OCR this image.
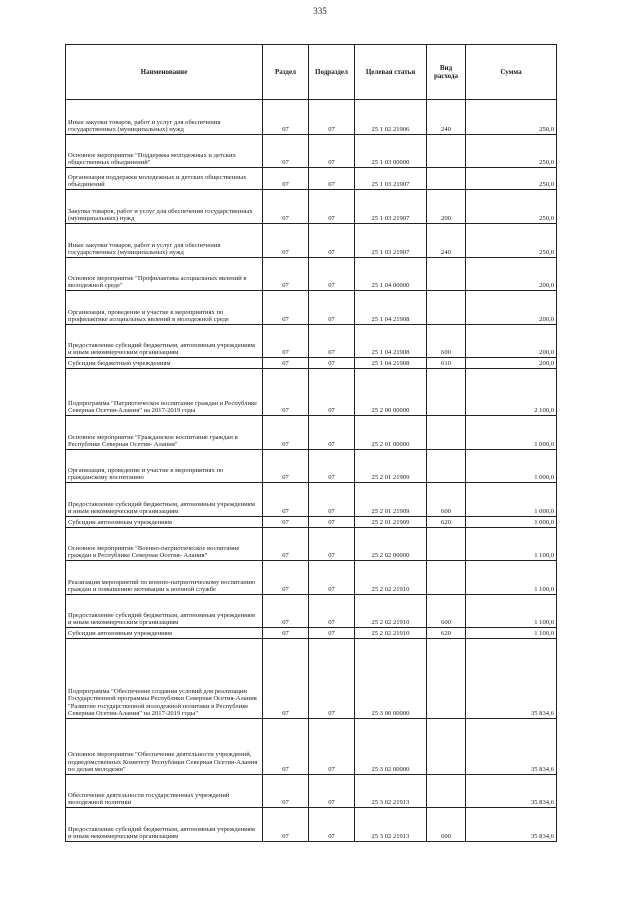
335
Наименование	Раздел	Подраздел	Целевая статья	Вид расхода	Сумма
Иные закупки товаров, работ и услуг для обеспечения государственных (муниципальных) нужд	07	07	25 1 02 21906	240	250,0
Основное мероприятие "Поддержка молодежных и детских общественных объединений"	07	07	25 1 03 00000		250,0
Организация поддержки молодежных и детских общественных объединений	07	07	25 1 03 21907		250,0
Закупка товаров, работ и услуг для обеспечения государственных (муниципальных) нужд	07	07	25 1 03 21907	200	250,0
Иные закупки товаров, работ и услуг для обеспечения государственных (муниципальных) нужд	07	07	25 1 03 21907	240	250,0
Основное мероприятие "Профилактика асоциальных явлений в молодежной среде"	07	07	25 1 04 00000		200,0
Организация, проведение и участие в мероприятиях по профилактике асоциальных явлений в молодежной среде	07	07	25 1 04 21908		200,0
Предоставление субсидий бюджетным, автономным учреждениям и иным некоммерческим организациям	07	07	25 1 04 21908	600	200,0
Субсидии бюджетным учреждениям	07	07	25 1 04 21908	610	200,0
Подпрограмма "Патриотическое воспитание граждан в Республике Северная Осетия-Алания" на 2017-2019 годы	07	07	25 2 00 00000		2 100,0
Основное мероприятие "Гражданское воспитание граждан в Республике Северная Осетия- Алания"	07	07	25 2 01 00000		1 000,0
Организация, проведение и участие в мероприятиях по гражданскому воспитанию	07	07	25 2 01 21909		1 000,0
Предоставление субсидий бюджетным, автономным учреждениям и иным некоммерческим организациям	07	07	25 2 01 21909	600	1 000,0
Субсидии автономным учреждениям	07	07	25 2 01 21909	620	1 000,0
Основное мероприятие "Военно-патриотическое воспитание граждан в Республике Северная Осетия- Алания"	07	07	25 2 02 00000		1 100,0
Реализация мероприятий по военно-патриотическому воспитанию граждан и повышению мотивации к военной службе	07	07	25 2 02 21910		1 100,0
Предоставление субсидий бюджетным, автономным учреждениям и иным некоммерческим организациям	07	07	25 2 02 21910	600	1 100,0
Субсидии автономным учреждениям	07	07	25 2 02 21910	620	1 100,0
Подпрограмма "Обеспечение создания условий для реализации Государственной программы Республики Северная Осетия-Алания "Развитие государственной молодежной политики в Республике Северная Осетия-Алания" на 2017-2019 годы"	07	07	25 3 00 00000		35 834,6
Основное мероприятие "Обеспечение деятельности учреждений, подведомственных Комитету Республики Северная Осетия-Алания по делам молодежи"	07	07	25 3 02 00000		35 834,6
Обеспечение деятельности государственных учреждений молодежной политики	07	07	25 3 02 21913		35 834,6
Предоставление субсидий бюджетным, автономным учреждениям и иным некоммерческим организациям	07	07	25 3 02 21913	600	35 834,6
